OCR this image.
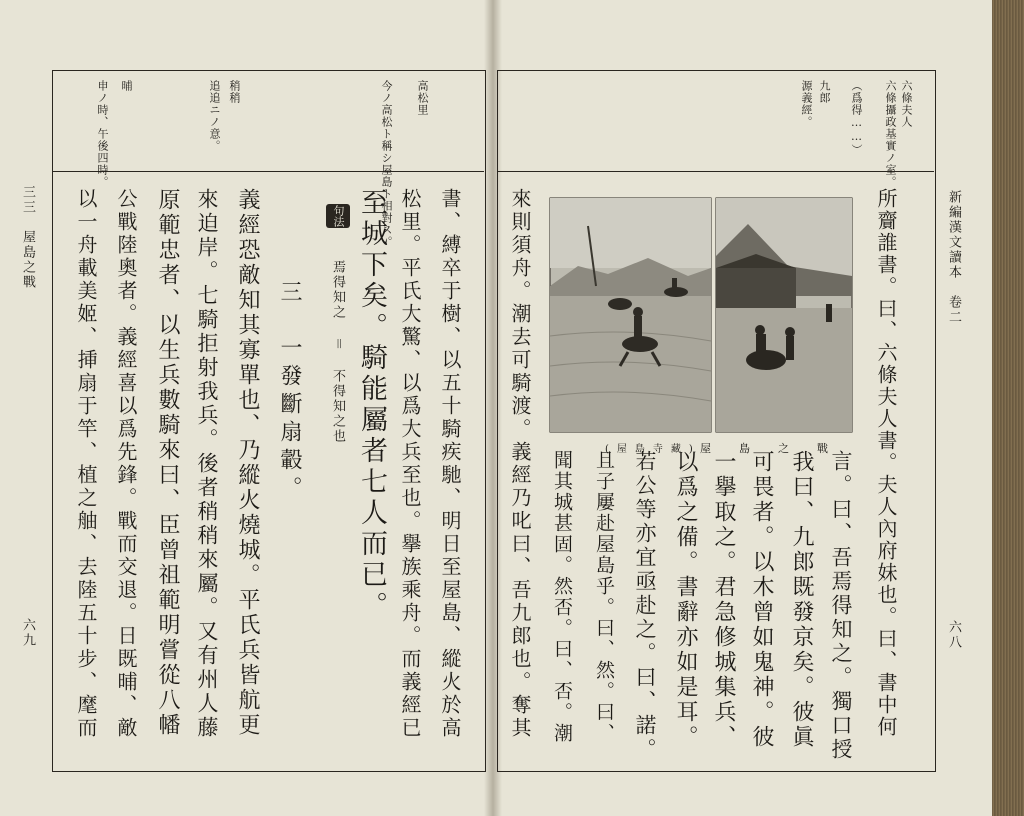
新編漢文讀本　卷二
六八
六條夫人
六條攝政基實ノ室。
（爲得……）
九郎
源義經。
所齎誰書。曰、六條夫人書。夫人內府妹也。曰、書中何
言。曰、吾焉得知之。獨口授
我曰、九郎既發京矣。彼眞
可畏者。以木曾如鬼神。彼
一擧取之。君急修城集兵、
以爲之備。書辭亦如是耳。
若公等亦宜亟赴之。曰、諾。
且子屢赴屋島乎。曰、然。曰、
聞其城甚固。然否。曰、否。潮
來則須舟。潮去可騎渡。義經乃叱曰、吾九郎也。奪其	(屋島寺藏) 屋島之戰
三三　屋島之戰
六九
高松里
今ノ高松ト稱シ屋島ト相對ス。
稍稍
追追ニノ意。
晡
申ノ時、午後四時。
書、縛卒于樹、以五十騎疾馳、明日至屋島、縱火於高
松里。平氏大驚、以爲大兵至也。擧族乘舟。而義經已
至城下矣。騎能屬者七人而已。
句法
焉得知之 ＝ 不得知之也
三　一發斷扇轂。
義經恐敵知其寡單也、乃縱火燒城。平氏兵皆航更
來迫岸。七騎拒射我兵。後者稍稍來屬。又有州人藤
原範忠者、以生兵數騎來曰、臣曾祖範明嘗從八幡
公戰陸奧者。義經喜以爲先鋒。戰而交退。日既晡、敵
以一舟載美姬、挿扇于竿、植之舳、去陸五十步、麾而
